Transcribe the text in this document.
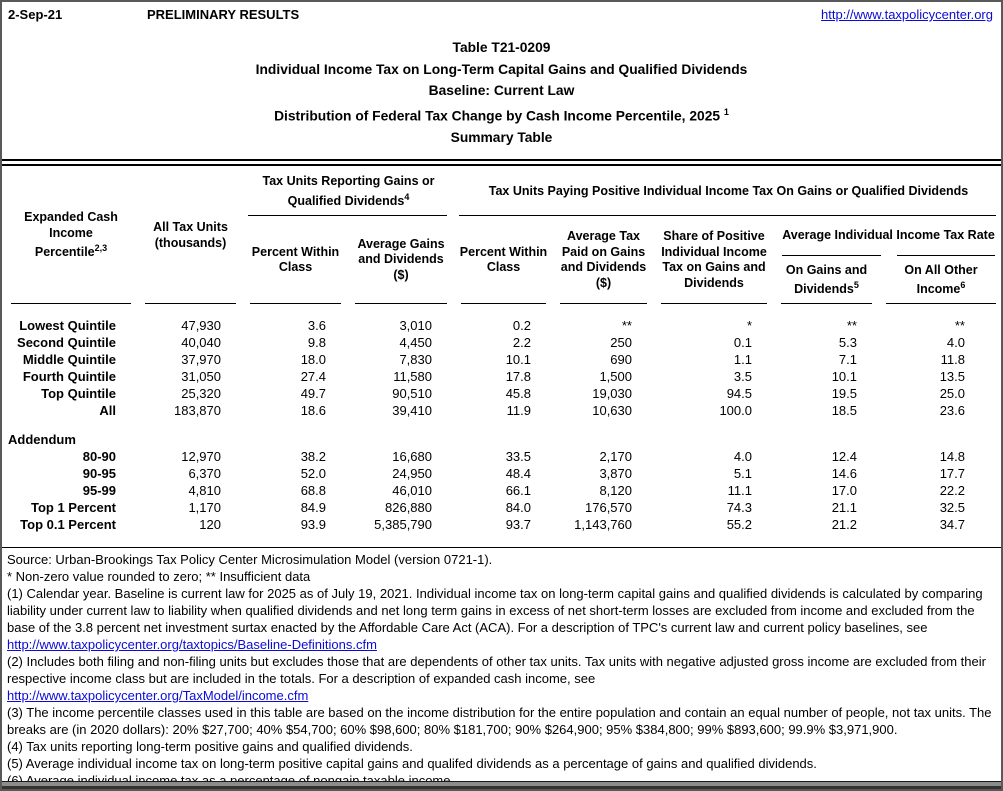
2-Sep-21	PRELIMINARY RESULTS	http://www.taxpolicycenter.org
Table T21-0209
Individual Income Tax on Long-Term Capital Gains and Qualified Dividends
Baseline: Current Law
Distribution of Federal Tax Change by Cash Income Percentile, 2025 $^1$
Summary Table
Expanded Cash Income
Percentile$^{2,3}$	All Tax Units (thousands)	Tax Units Reporting Gains or Qualified Dividends$^4$		Tax Units Paying Positive Individual Income Tax On Gains or Qualified Dividends				
		Percent Within Class	Average Gains and Dividends ($)	Percent Within Class	Average Tax Paid on Gains and Dividends ($)	Share of Positive Individual Income Tax on Gains and Dividends	Average Individual Income Tax Rate	
							On Gains and Dividends$^5$	On All Other Income$^6$

Lowest Quintile	47,930	3.6	3,010	0.2	**	*	**	**
Second Quintile	40,040	9.8	4,450	2.2	250	0.1	5.3	4.0
Middle Quintile	37,970	18.0	7,830	10.1	690	1.1	7.1	11.8
Fourth Quintile	31,050	27.4	11,580	17.8	1,500	3.5	10.1	13.5
Top Quintile	25,320	49.7	90,510	45.8	19,030	94.5	19.5	25.0
All	183,870	18.6	39,410	11.9	10,630	100.0	18.5	23.6

Addendum								
80-90	12,970	38.2	16,680	33.5	2,170	4.0	12.4	14.8
90-95	6,370	52.0	24,950	48.4	3,870	5.1	14.6	17.7
95-99	4,810	68.8	46,010	66.1	8,120	11.1	17.0	22.2
Top 1 Percent	1,170	84.9	826,880	84.0	176,570	74.3	21.1	32.5
Top 0.1 Percent	120	93.9	5,385,790	93.7	1,143,760	55.2	21.2	34.7

Source: Urban-Brookings Tax Policy Center Microsimulation Model (version 0721-1).
* Non-zero value rounded to zero; ** Insufficient data
(1) Calendar year. Baseline is current law for 2025 as of July 19, 2021. Individual income tax on long-term capital gains and qualified dividends is calculated by comparing liability under current law to liability when qualified dividends and net long term gains in excess of net short-term losses are excluded from income and excluded from the base of the 3.8 percent net investment surtax enacted by the Affordable Care Act (ACA). For a description of TPC's current law and current policy baselines, see
http://www.taxpolicycenter.org/taxtopics/Baseline-Definitions.cfm
(2) Includes both filing and non-filing units but excludes those that are dependents of other tax units. Tax units with negative adjusted gross income are excluded from their respective income class but are included in the totals. For a description of expanded cash income, see
http://www.taxpolicycenter.org/TaxModel/income.cfm
(3) The income percentile classes used in this table are based on the income distribution for the entire population and contain an equal number of people, not tax units. The breaks are (in 2020 dollars): 20% $27,700; 40% $54,700; 60% $98,600; 80% $181,700; 90% $264,900; 95% $384,800; 99% $893,600; 99.9% $3,971,900.
(4) Tax units reporting long-term positive gains and qualified dividends.
(5) Average individual income tax on long-term positive capital gains and qualifed dividends as a percentage of gains and qualified dividends.
